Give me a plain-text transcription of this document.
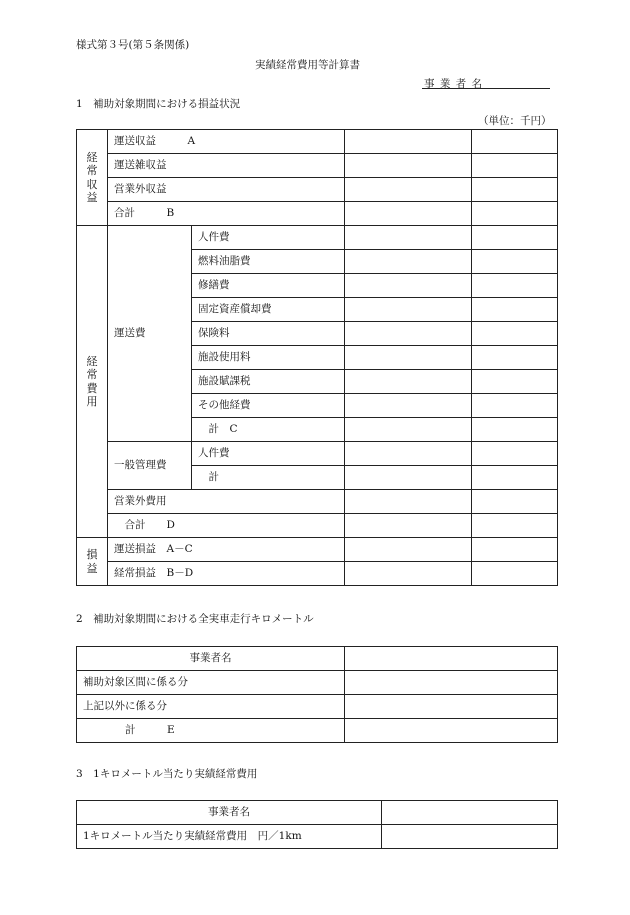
様式第３号(第５条関係)
実績経常費用等計算書
事 業 者 名
1　補助対象期間における損益状況
（単位：千円）
経常収益	運送収益　　　A			
	運送雑収益			
	営業外収益			
	合計　　　B			
経常費用	運送費	人件費		
		燃料油脂費		
		修繕費		
		固定資産償却費		
		保険料		
		施設使用料		
		施設賦課税		
		その他経費		
		　計　C		
	一般管理費	人件費		
		　計		
	営業外費用			
	　合計　　D			
損益	運送損益　A－C			
	経常損益　B－D			
2　補助対象期間における全実車走行キロメートル
事業者名	
補助対象区間に係る分	
上記以外に係る分	
　　　　計　　　E	
3　1キロメートル当たり実績経常費用
事業者名	
1キロメートル当たり実績経常費用　円／1km	
